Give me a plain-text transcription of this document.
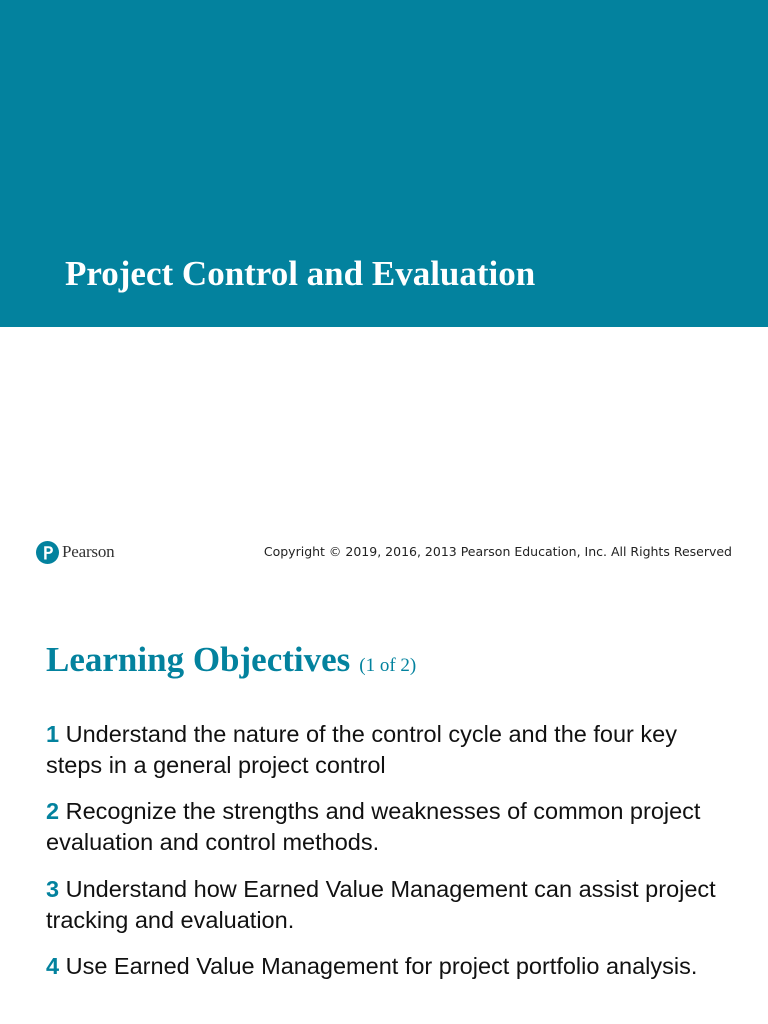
Project Control and Evaluation
Pearson	Copyright © 2019, 2016, 2013 Pearson Education, Inc. All Rights Reserved
Learning Objectives (1 of 2)

1 Understand the nature of the control cycle and the four key steps in a general project control

2 Recognize the strengths and weaknesses of common project evaluation and control methods.

3 Understand how Earned Value Management can assist project tracking and evaluation.

4 Use Earned Value Management for project portfolio analysis.
